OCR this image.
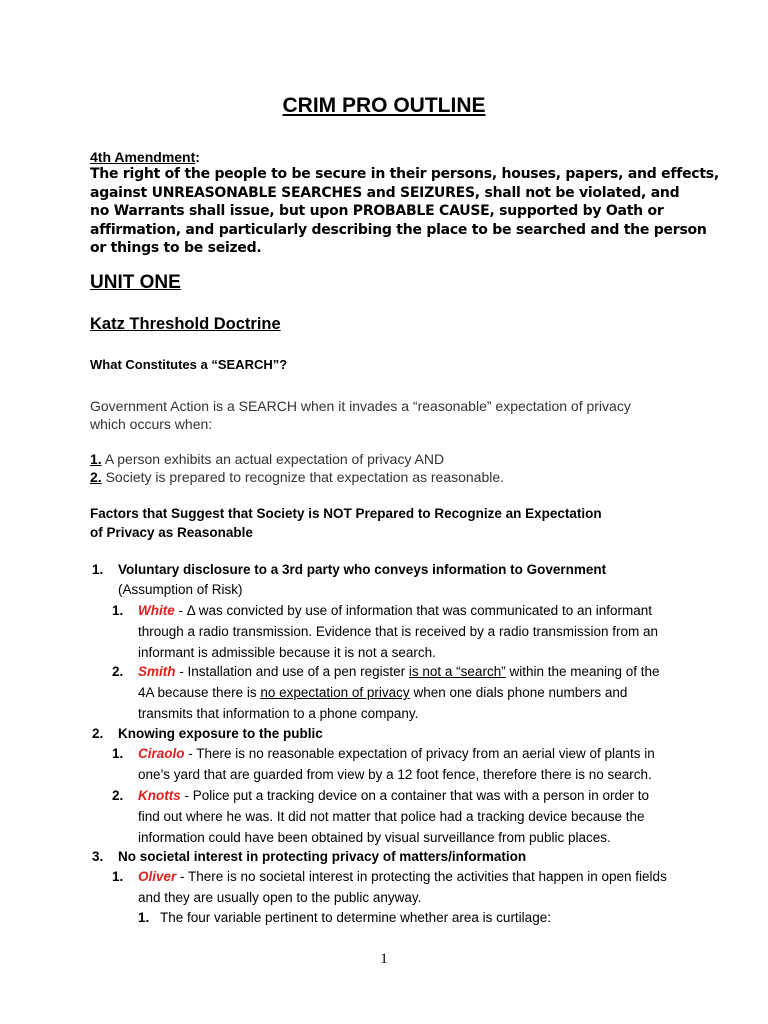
CRIM PRO OUTLINE
4th Amendment:
The right of the people to be secure in their persons, houses, papers, and effects,
against UNREASONABLE SEARCHES and SEIZURES, shall not be violated, and
no Warrants shall issue, but upon PROBABLE CAUSE, supported by Oath or
affirmation, and particularly describing the place to be searched and the person
or things to be seized.
UNIT ONE
Katz Threshold Doctrine
What Constitutes a “SEARCH”?
Government Action is a SEARCH when it invades a “reasonable” expectation of privacy
which occurs when:
1. A person exhibits an actual expectation of privacy AND
2. Society is prepared to recognize that expectation as reasonable.
Factors that Suggest that Society is NOT Prepared to Recognize an Expectation
of Privacy as Reasonable
1. Voluntary disclosure to a 3rd party who conveys information to Government
(Assumption of Risk)
1. White - Δ was convicted by use of information that was communicated to an informant
through a radio transmission. Evidence that is received by a radio transmission from an
informant is admissible because it is not a search.
2. Smith - Installation and use of a pen register is not a “search” within the meaning of the
4A because there is no expectation of privacy when one dials phone numbers and
transmits that information to a phone company.
2. Knowing exposure to the public
1. Ciraolo - There is no reasonable expectation of privacy from an aerial view of plants in
one’s yard that are guarded from view by a 12 foot fence, therefore there is no search.
2. Knotts - Police put a tracking device on a container that was with a person in order to
find out where he was. It did not matter that police had a tracking device because the
information could have been obtained by visual surveillance from public places.
3. No societal interest in protecting privacy of matters/information
1. Oliver - There is no societal interest in protecting the activities that happen in open fields
and they are usually open to the public anyway.
1. The four variable pertinent to determine whether area is curtilage:
1
